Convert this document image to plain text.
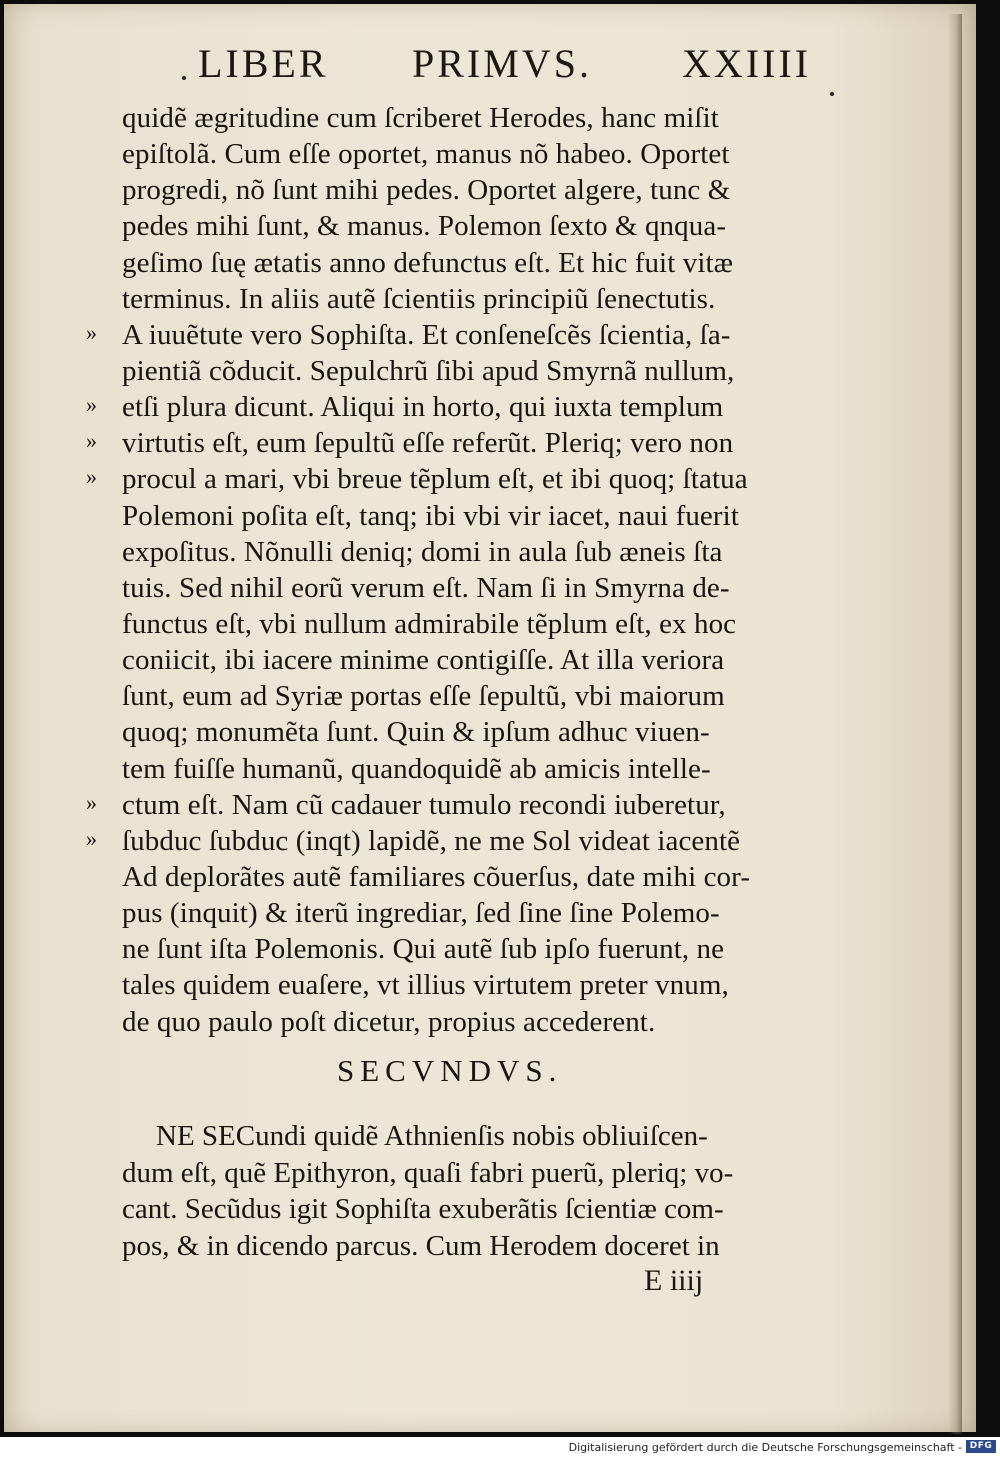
LIBER PRIMVS. XXIIII
»
»
»
»
»
»
quidẽ ægritudine cum ſcriberet Herodes, hanc miſit
epiſtolã. Cum eſſe oportet, manus nõ habeo. Oportet
progredi, nõ ſunt mihi pedes. Oportet algere, tunc &
pedes mihi ſunt, & manus. Polemon ſexto & qnqua-
geſimo ſuę ætatis anno defunctus eſt. Et hic fuit vitæ
terminus. In aliis autẽ ſcientiis principiũ ſenectutis.
A iuuẽtute vero Sophiſta. Et conſeneſcẽs ſcientia, ſa-
pientiã cõducit. Sepulchrũ ſibi apud Smyrnã nullum,
etſi plura dicunt. Aliqui in horto, qui iuxta templum
virtutis eſt, eum ſepultũ eſſe referũt. Pleriq; vero non
procul a mari, vbi breue tẽplum eſt, et ibi quoq; ſtatua
Polemoni poſita eſt, tanq; ibi vbi vir iacet, naui fuerit
expoſitus. Nõnulli deniq; domi in aula ſub æneis ſta
tuis. Sed nihil eorũ verum eſt. Nam ſi in Smyrna de-
functus eſt, vbi nullum admirabile tẽplum eſt, ex hoc
coniicit, ibi iacere minime contigiſſe. At illa veriora
ſunt, eum ad Syriæ portas eſſe ſepultũ, vbi maiorum
quoq; monumẽta ſunt. Quin & ipſum adhuc viuen-
tem fuiſſe humanũ, quandoquidẽ ab amicis intelle-
ctum eſt. Nam cũ cadauer tumulo recondi iuberetur,
ſubduc ſubduc (inqt) lapidẽ, ne me Sol videat iacentẽ
Ad deplorãtes autẽ familiares cõuerſus, date mihi cor-
pus (inquit) & iterũ ingrediar, ſed ſine ſine Polemo-
ne ſunt iſta Polemonis. Qui autẽ ſub ipſo fuerunt, ne
tales quidem euaſere, vt illius virtutem preter vnum,
de quo paulo poſt dicetur, propius accederent.
SECVNDVS.
NE SECundi quidẽ Athnienſis nobis obliuiſcen-
dum eſt, quẽ Epithyron, quaſi fabri puerũ, pleriq; vo-
cant. Secũdus igit Sophiſta exuberãtis ſcientiæ com-
pos, & in dicendo parcus. Cum Herodem doceret in
E iiij
Digitalisierung gefördert durch die Deutsche Forschungsgemeinschaft - DFG
